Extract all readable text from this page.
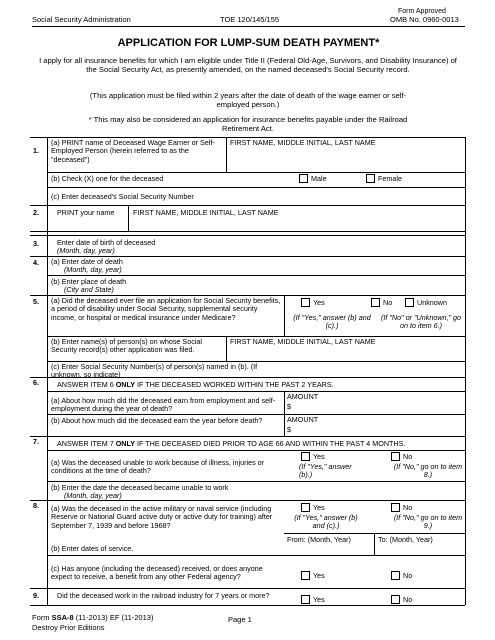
Social Security Administration	TOE 120/145/155
Form Approved
OMB No. 0960-0013
APPLICATION FOR LUMP-SUM DEATH PAYMENT*
I apply for all insurance benefits for which I am eligible under Title II (Federal Old-Age, Survivors, and Disability Insurance) of the Social Security Act, as presently amended, on the named deceased's Social Security record.
(This application must be filed within 2 years after the date of death of the wage earner or self-employed person.)
* This may also be considered an application for insurance benefits payable under the Railroad Retirement Act.
1.
(a) PRINT name of Deceased Wage Earner or Self-Employed Person (herein referred to as the "deceased")
FIRST NAME, MIDDLE INITIAL, LAST NAME
(b) Check (X) one for the deceased	Male	Female
(c) Enter deceased's Social Security Number
2.	PRINT your name	FIRST NAME, MIDDLE INITIAL, LAST NAME
3.	Enter date of birth of deceased
(Month, day, year)
4. (a) Enter date of death
(Month, day, year)
(b) Enter place of death
(City and State)
5. (a) Did the deceased ever file an application for Social Security benefits, a period of disability under Social Security, supplemental security income, or hospital or medical insurance under Medicare?
Yes	No	Unknown
(If "Yes," answer (b) and (c).)
(If "No" or "Unknown," go on to item 6.)
(b) Enter name(s) of person(s) on whose Social Security record(s) other application was filed.
FIRST NAME, MIDDLE INITIAL, LAST NAME
(c) Enter Social Security Number(s) of person(s) named in (b). (If unknown, so indicate)
6.	ANSWER ITEM 6 ONLY IF THE DECEASED WORKED WITHIN THE PAST 2 YEARS.
(a) About how much did the deceased earn from employment and self-employment during the year of death?
AMOUNT
$
(b) About how much did the deceased earn the year before death?	AMOUNT
$
7.	ANSWER ITEM 7 ONLY IF THE DECEASED DIED PRIOR TO AGE 66 AND WITHIN THE PAST 4 MONTHS.
(a) Was the deceased unable to work because of illness, injuries or conditions at the time of death?
Yes	No
(If "Yes," answer (b).)
(If "No," go on to item 8.)
(b) Enter the date the deceased became unable to work
(Month, day, year)
8. (a) Was the deceased in the active military or naval service (including Reserve or National Guard active duty or active duty for training) after September 7, 1939 and before 1968?
Yes	No
(If "Yes," answer (b) and (c).)
(If "No," go on to item 9.)
(b) Enter dates of service.
From: (Month, Year)	To: (Month, Year)
(c) Has anyone (including the deceased) received, or does anyone expect to receive, a benefit from any other Federal agency?	Yes	No
9.	Did the deceased work in the railroad industry for 7 years or more?	Yes	No
Form SSA-8 (11-2013) EF (11-2013)
Destroy Prior Editions
Page 1
